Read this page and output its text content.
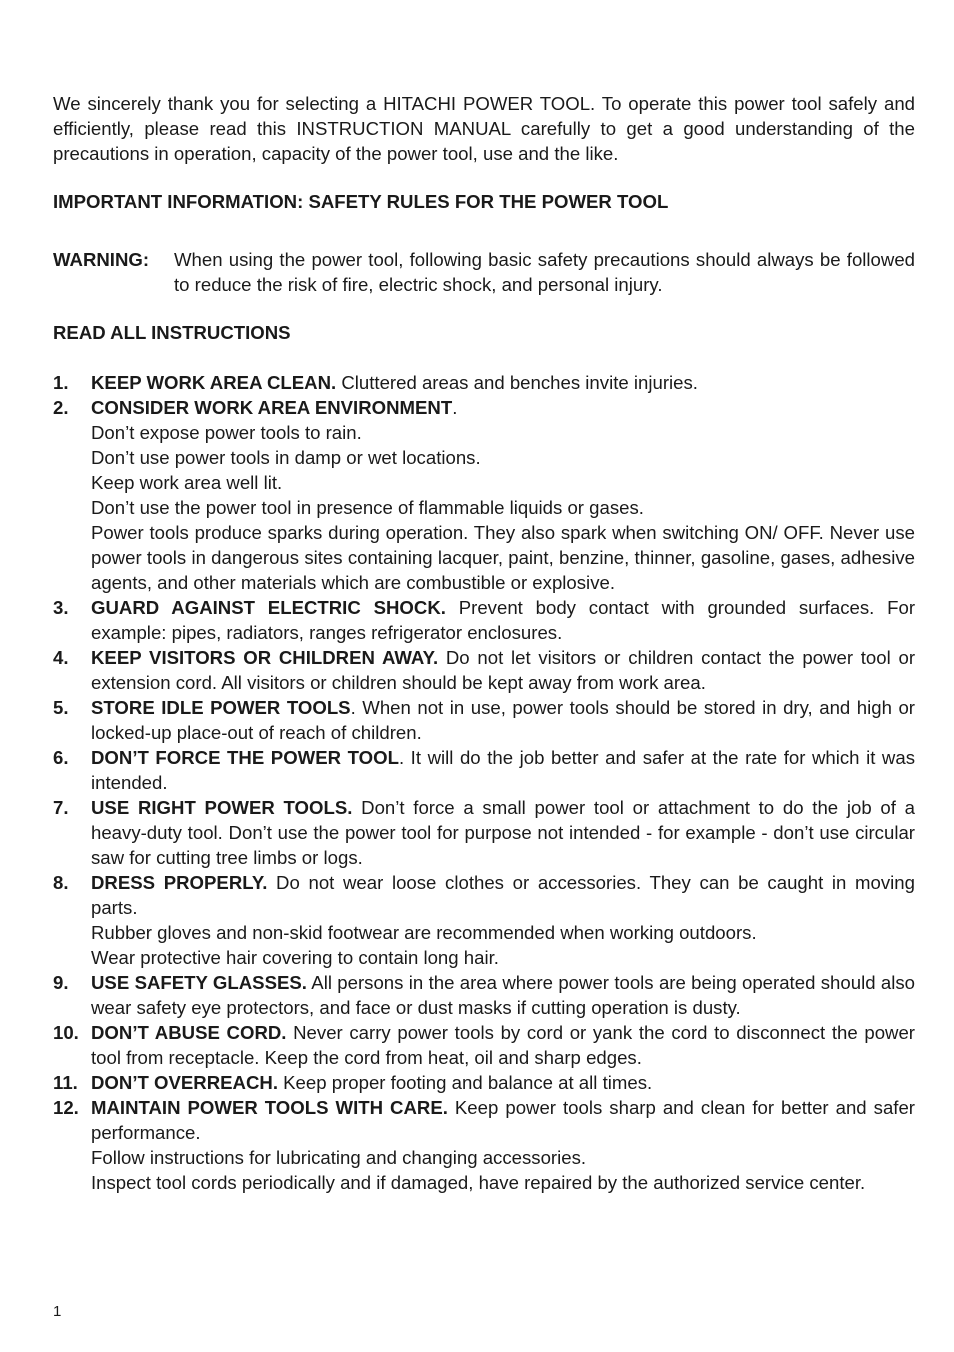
We sincerely thank you for selecting a HITACHI POWER TOOL. To operate this power tool safely and efficiently, please read this INSTRUCTION MANUAL carefully to get a good understanding of the precautions in operation, capacity of the power tool, use and the like.

IMPORTANT INFORMATION: SAFETY RULES FOR THE POWER TOOL

WARNING:	When using the power tool, following basic safety precautions should always be followed to reduce the risk of fire, electric shock, and personal injury.

READ ALL INSTRUCTIONS

1. KEEP WORK AREA CLEAN. Cluttered areas and benches invite injuries.
2. CONSIDER WORK AREA ENVIRONMENT.
Don’t expose power tools to rain.
Don’t use power tools in damp or wet locations.
Keep work area well lit.
Don’t use the power tool in presence of flammable liquids or gases.
Power tools produce sparks during operation. They also spark when switching ON/ OFF. Never use power tools in dangerous sites containing lacquer, paint, benzine, thinner, gasoline, gases, adhesive agents, and other materials which are combustible or explosive.
3. GUARD AGAINST ELECTRIC SHOCK. Prevent body contact with grounded surfaces. For example: pipes, radiators, ranges refrigerator enclosures.
4. KEEP VISITORS OR CHILDREN AWAY. Do not let visitors or children contact the power tool or extension cord. All visitors or children should be kept away from work area.
5. STORE IDLE POWER TOOLS. When not in use, power tools should be stored in dry, and high or locked-up place-out of reach of children.
6. DON’T FORCE THE POWER TOOL. It will do the job better and safer at the rate for which it was intended.
7. USE RIGHT POWER TOOLS. Don’t force a small power tool or attachment to do the job of a heavy-duty tool. Don’t use the power tool for purpose not intended - for example - don’t use circular saw for cutting tree limbs or logs.
8. DRESS PROPERLY. Do not wear loose clothes or accessories. They can be caught in moving parts.
Rubber gloves and non-skid footwear are recommended when working outdoors.
Wear protective hair covering to contain long hair.
9. USE SAFETY GLASSES. All persons in the area where power tools are being operated should also wear safety eye protectors, and face or dust masks if cutting operation is dusty.
10. DON’T ABUSE CORD. Never carry power tools by cord or yank the cord to disconnect the power tool from receptacle. Keep the cord from heat, oil and sharp edges.
11. DON’T OVERREACH. Keep proper footing and balance at all times.
12. MAINTAIN POWER TOOLS WITH CARE. Keep power tools sharp and clean for better and safer performance.
Follow instructions for lubricating and changing accessories.
Inspect tool cords periodically and if damaged, have repaired by the authorized service center.
1
